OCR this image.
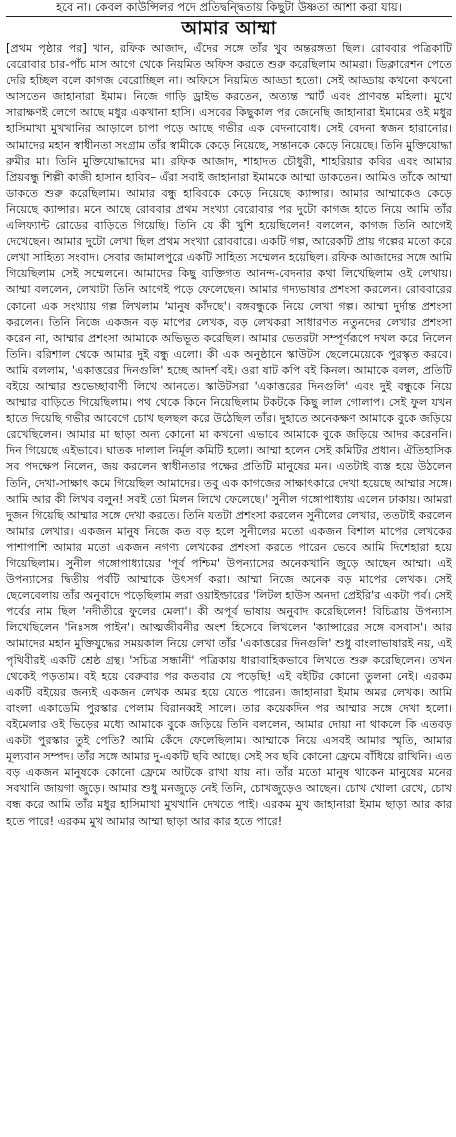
হবে না। কেবল কাউন্সিলর পদে প্রতিদ্বন্দ্বিতায় কিছুটা উষ্ণতা আশা করা যায়।
আমার আম্মা

[প্রথম পৃষ্ঠার পর] খান, রফিক আজাদ, এঁদের সঙ্গে তাঁর খুব অন্তরঙ্গতা ছিল। রোববার পত্রিকাটি বেরোবার চার-পাঁচ মাস আগে থেকে নিয়মিত অফিস করতে শুরু করেছিলাম আমরা। ডিক্লারেশন পেতে দেরি হচ্ছিল বলে কাগজ বেরোচ্ছিল না। অফিসে নিয়মিত আড্ডা হতো। সেই আড্ডায় কখনো কখনো আসতেন জাহানারা ইমাম। নিজে গাড়ি ড্রাইভ করতেন, অত্যন্ত স্মার্ট এবং প্রাণবন্ত মহিলা। মুখে সারাক্ষণই লেগে আছে মধুর একখানা হাসি। এসবের কিছুকাল পর জেনেছি জাহানারা ইমামের ওই মধুর হাসিমাখা মুখখানির আড়ালে চাপা পড়ে আছে গভীর এক বেদনাবোধ। সেই বেদনা স্বজন হারানোর। আমাদের মহান স্বাধীনতা সংগ্রাম তাঁর স্বামীকে কেড়ে নিয়েছে, সন্তানকে কেড়ে নিয়েছে। তিনি মুক্তিযোদ্ধা রুমীর মা। তিনি মুক্তিযোদ্ধাদের মা। রফিক আজাদ, শাহাদত চৌধুরী, শাহরিয়ার কবির এবং আমার প্রিয়বন্ধু শিল্পী কাজী হাসান হাবিব– এঁরা সবাই জাহানারা ইমামকে আম্মা ডাকতেন। আমিও তাঁকে আম্মা ডাকতে শুরু করেছিলাম। আমার বন্ধু হাবিবকে কেড়ে নিয়েছে ক্যান্সার। আমার আম্মাকেও কেড়ে নিয়েছে ক্যান্সার। মনে আছে রোববার প্রথম সংখ্যা বেরোবার পর দুটো কাগজ হাতে নিয়ে আমি তাঁর এলিফ্যান্ট রোডের বাড়িতে গিয়েছি। তিনি যে কী খুশি হয়েছিলেন! বললেন, কাগজ তিনি আগেই দেখেছেন। আমার দুটো লেখা ছিল প্রথম সংখ্যা রোববারে। একটি গল্প, আরেকটি প্রায় গল্পের মতো করে লেখা সাহিত্য সংবাদ। সেবার জামালপুরে একটি সাহিত্য সম্মেলন হয়েছিল। রফিক আজাদের সঙ্গে আমি গিয়েছিলাম সেই সম্মেলনে। আমাদের কিছু ব্যক্তিগত আনন্দ-বেদনার কথা লিখেছিলাম ওই লেখায়। আম্মা বললেন, লেখাটা তিনি আগেই পড়ে ফেলেছেন। আমার গদ্যভাষার প্রশংসা করলেন। রোববারের কোনো এক সংখ্যায় গল্প লিখলাম 'মানুষ কাঁদছে'। বঙ্গবন্ধুকে নিয়ে লেখা গল্প। আম্মা দুর্দান্ত প্রশংসা করলেন। তিনি নিজে একজন বড় মাপের লেখক, বড় লেখকরা সাধারণত নতুনদের লেখার প্রশংসা করেন না, আম্মার প্রশংসা আমাকে অভিভূত করেছিল। আমার ভেতরটা সম্পূর্ণরূপে দখল করে নিলেন তিনি। বরিশাল থেকে আমার দুই বন্ধু এলো। কী এক অনুষ্ঠানে স্কাউটস ছেলেমেয়েকে পুরস্কৃত করবে। আমি বললাম, 'একাত্তরের দিনগুলি' হচ্ছে আদর্শ বই। ওরা ষাট কপি বই কিনল। আমাকে বলল, প্রতিটি বইয়ে আম্মার শুভেচ্ছাবাণী লিখে আনতে। স্কাউটসরা 'একাত্তরের দিনগুলি' এবং দুই বন্ধুকে নিয়ে আম্মার বাড়িতে গিয়েছিলাম। পথ থেকে কিনে নিয়েছিলাম টকটকে কিছু লাল গোলাপ। সেই ফুল যখন হাতে দিয়েছি গভীর আবেগে চোখ ছলছল করে উঠেছিল তাঁর। দুহাতে অনেকক্ষণ আমাকে বুকে জড়িয়ে রেখেছিলেন। আমার মা ছাড়া অন্য কোনো মা কখনো এভাবে আমাকে বুকে জড়িয়ে আদর করেননি। দিন গিয়েছে এইভাবে। ঘাতক দালাল নির্মূল কমিটি হলো। আম্মা হলেন সেই কমিটির প্রধান। ঐতিহাসিক সব পদক্ষেপ নিলেন, জয় করলেন স্বাধীনতার পক্ষের প্রতিটি মানুষের মন। এতটাই ব্যস্ত হয়ে উঠলেন তিনি, দেখা-সাক্ষাৎ কমে গিয়েছিল আমাদের। তবু এক কাগজের সাক্ষাৎকারে দেখা হয়েছে আম্মার সঙ্গে। আমি আর কী লিখব বলুন! সবই তো মিলন লিখে ফেলেছে।' সুনীল গঙ্গোপাধ্যায় এলেন ঢাকায়। আমরা দুজন গিয়েছি আম্মার সঙ্গে দেখা করতে। তিনি যতটা প্রশংসা করলেন সুনীলের লেখার, ততটাই করলেন আমার লেখার। একজন মানুষ নিজে কত বড় হলে সুনীলের মতো একজন বিশাল মাপের লেখকের পাশাপাশি আমার মতো একজন নগণ্য লেখকের প্রশংসা করতে পারেন ভেবে আমি দিশেহারা হয়ে গিয়েছিলাম। সুনীল গঙ্গোপাধ্যায়ের 'পূর্ব পশ্চিম' উপন্যাসের অনেকখানি জুড়ে আছেন আম্মা। এই উপন্যাসের দ্বিতীয় পর্বটি আম্মাকে উৎসর্গ করা। আম্মা নিজে অনেক বড় মাপের লেখক। সেই ছেলেবেলায় তাঁর অনুবাদে পড়েছিলাম লরা ওয়াইল্ডারের 'লিটল হাউস অনদা প্রেইরি'র একটা পর্ব। সেই পর্বের নাম ছিল 'নদীতীরে ফুলের মেলা'। কী অপূর্ব ভাষায় অনুবাদ করেছিলেন! বিচিত্রায় উপন্যাস লিখেছিলেন 'নিঃসঙ্গ পাইন'। আত্মজীবনীর অংশ হিসেবে লিখলেন 'ক্যান্সারের সঙ্গে বসবাস'। আর আমাদের মহান মুক্তিযুদ্ধের সময়কাল নিয়ে লেখা তাঁর 'একাত্তরের দিনগুলি' শুধু বাংলাভাষারই নয়, এই পৃথিবীরই একটি শ্রেষ্ঠ গ্রন্থ। 'সচিত্র সন্ধানী' পত্রিকায় ধারাবাহিকভাবে লিখতে শুরু করেছিলেন। তখন থেকেই পড়তাম। বই হয়ে বেরুবার পর কতবার যে পড়েছি! এই বইটির কোনো তুলনা নেই। এরকম একটি বইয়ের জন্যই একজন লেখক অমর হয়ে যেতে পারেন। জাহানারা ইমাম অমর লেখক। আমি বাংলা একাডেমি পুরস্কার পেলাম বিরানব্বই সালে। তার কয়েকদিন পর আম্মার সঙ্গে দেখা হলো। বইমেলার ওই ভিড়ের মধ্যে আমাকে বুকে জড়িয়ে তিনি বললেন, আমার দোয়া না থাকলে কি এতবড় একটা পুরস্কার তুই পেতি? আমি কেঁদে ফেলেছিলাম। আম্মাকে নিয়ে এসবই আমার স্মৃতি, আমার মূল্যবান সম্পদ। তাঁর সঙ্গে আমার দু-একটি ছবি আছে। সেই সব ছবি কোনো ফ্রেমে বাঁধিয়ে রাখিনি। এত বড় একজন মানুষকে কোনো ফ্রেমে আটকে রাখা যায় না। তাঁর মতো মানুষ থাকেন মানুষের মনের সবখানি জায়গা জুড়ে। আমার শুধু মনজুড়ে নেই তিনি, চোখজুড়েও আছেন। চোখ খোলা রেখে, চোখ বন্ধ করে আমি তাঁর মধুর হাসিমাখা মুখখানি দেখতে পাই। এরকম মুখ জাহানারা ইমাম ছাড়া আর কার হতে পারে! এরকম মুখ আমার আম্মা ছাড়া আর কার হতে পারে!
